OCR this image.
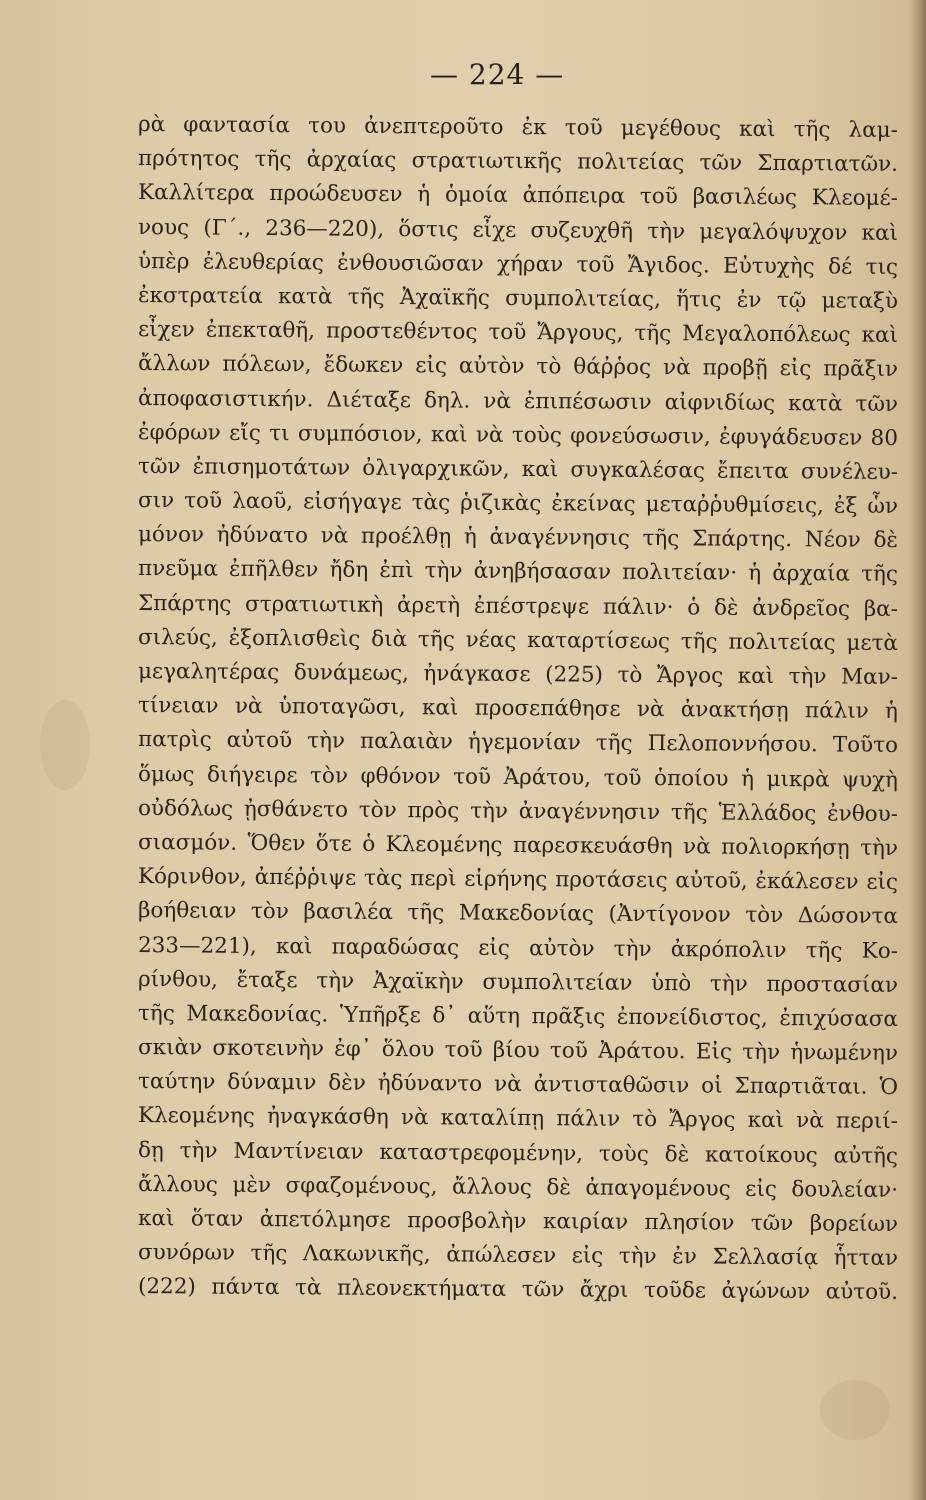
— 224 —
ρὰ φαντασία του ἀνεπτεροῦτο ἐκ τοῦ μεγέθους καὶ τῆς λαμ-
πρότητος τῆς ἀρχαίας στρατιωτικῆς πολιτείας τῶν Σπαρτιατῶν.
Καλλίτερα προώδευσεν ἡ ὁμοία ἀπόπειρα τοῦ βασιλέως Κλεομέ-
νους (Γ΄., 236—220), ὅστις εἶχε συζευχθῆ τὴν μεγαλόψυχον καὶ
ὑπὲρ ἐλευθερίας ἐνθουσιῶσαν χήραν τοῦ Ἄγιδος. Εὐτυχὴς δέ τις
ἐκστρατεία κατὰ τῆς Ἀχαϊκῆς συμπολιτείας, ἥτις ἐν τῷ μεταξὺ
εἶχεν ἐπεκταθῆ, προστεθέντος τοῦ Ἄργους, τῆς Μεγαλοπόλεως καὶ
ἄλλων πόλεων, ἔδωκεν εἰς αὐτὸν τὸ θάῤῥος νὰ προβῇ εἰς πρᾶξιν
ἀποφασιστικήν. Διέταξε δηλ. νὰ ἐπιπέσωσιν αἰφνιδίως κατὰ τῶν
ἐφόρων εἴς τι συμπόσιον, καὶ νὰ τοὺς φονεύσωσιν, ἐφυγάδευσεν 80
τῶν ἐπισημοτάτων ὀλιγαρχικῶν, καὶ συγκαλέσας ἔπειτα συνέλευ-
σιν τοῦ λαοῦ, εἰσήγαγε τὰς ῥιζικὰς ἐκείνας μεταῤῥυθμίσεις, ἐξ ὧν
μόνον ἠδύνατο νὰ προέλθῃ ἡ ἀναγέννησις τῆς Σπάρτης. Νέον δὲ
πνεῦμα ἐπῆλθεν ἤδη ἐπὶ τὴν ἀνηβήσασαν πολιτείαν· ἡ ἀρχαία τῆς
Σπάρτης στρατιωτικὴ ἀρετὴ ἐπέστρεψε πάλιν· ὁ δὲ ἀνδρεῖος βα-
σιλεύς, ἐξοπλισθεὶς διὰ τῆς νέας καταρτίσεως τῆς πολιτείας μετὰ
μεγαλητέρας δυνάμεως, ἠνάγκασε (225) τὸ Ἄργος καὶ τὴν Μαν-
τίνειαν νὰ ὑποταγῶσι, καὶ προσεπάθησε νὰ ἀνακτήσῃ πάλιν ἡ
πατρὶς αὐτοῦ τὴν παλαιὰν ἡγεμονίαν τῆς Πελοποννήσου. Τοῦτο
ὅμως διήγειρε τὸν φθόνον τοῦ Ἀράτου, τοῦ ὁποίου ἡ μικρὰ ψυχὴ
οὐδόλως ᾐσθάνετο τὸν πρὸς τὴν ἀναγέννησιν τῆς Ἑλλάδος ἐνθου-
σιασμόν. Ὅθεν ὅτε ὁ Κλεομένης παρεσκευάσθη νὰ πολιορκήσῃ τὴν
Κόρινθον, ἀπέῤῥιψε τὰς περὶ εἰρήνης προτάσεις αὐτοῦ, ἐκάλεσεν εἰς
βοήθειαν τὸν βασιλέα τῆς Μακεδονίας (Ἀντίγονον τὸν Δώσοντα
233—221), καὶ παραδώσας εἰς αὐτὸν τὴν ἀκρόπολιν τῆς Κο-
ρίνθου, ἔταξε τὴν Ἀχαϊκὴν συμπολιτείαν ὑπὸ τὴν προστασίαν
τῆς Μακεδονίας. Ὑπῆρξε δ᾽ αὕτη πρᾶξις ἐπονείδιστος, ἐπιχύσασα
σκιὰν σκοτεινὴν ἐφ᾽ ὅλου τοῦ βίου τοῦ Ἀράτου. Εἰς τὴν ἡνωμένην
ταύτην δύναμιν δὲν ἠδύναντο νὰ ἀντισταθῶσιν οἱ Σπαρτιᾶται. Ὁ
Κλεομένης ἠναγκάσθη νὰ καταλίπῃ πάλιν τὸ Ἄργος καὶ νὰ περιί-
δῃ τὴν Μαντίνειαν καταστρεφομένην, τοὺς δὲ κατοίκους αὐτῆς
ἄλλους μὲν σφαζομένους, ἄλλους δὲ ἀπαγομένους εἰς δουλείαν·
καὶ ὅταν ἀπετόλμησε προσβολὴν καιρίαν πλησίον τῶν βορείων
συνόρων τῆς Λακωνικῆς, ἀπώλεσεν εἰς τὴν ἐν Σελλασίᾳ ἧτταν
(222) πάντα τὰ πλεονεκτήματα τῶν ἄχρι τοῦδε ἀγώνων αὐτοῦ.
